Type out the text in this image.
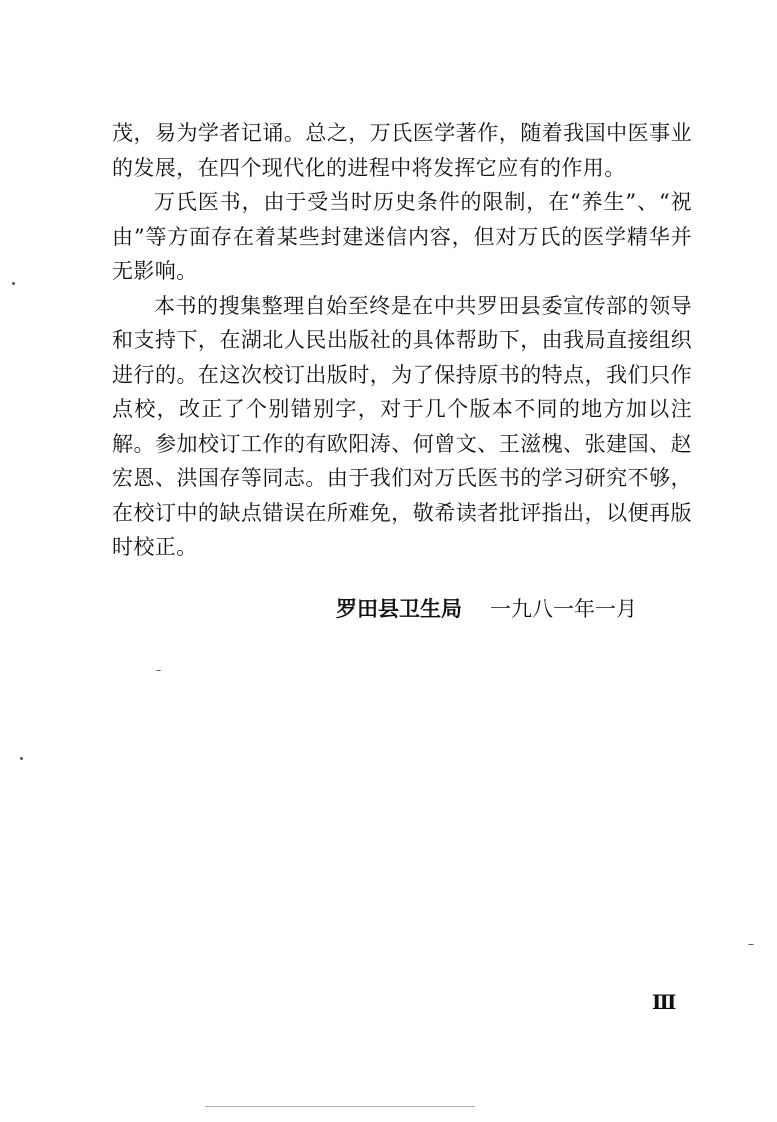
茂，易为学者记诵。总之，万氏医学著作，随着我国中医事业的发展，在四个现代化的进程中将发挥它应有的作用。

万氏医书，由于受当时历史条件的限制，在“养生”、“祝由”等方面存在着某些封建迷信内容，但对万氏的医学精华并无影响。

本书的搜集整理自始至终是在中共罗田县委宣传部的领导和支持下，在湖北人民出版社的具体帮助下，由我局直接组织进行的。在这次校订出版时，为了保持原书的特点，我们只作点校，改正了个别错别字，对于几个版本不同的地方加以注解。参加校订工作的有欧阳涛、何曾文、王滋槐、张建国、赵宏恩、洪国存等同志。由于我们对万氏医书的学习研究不够，在校订中的缺点错误在所难免，敬希读者批评指出，以便再版时校正。

罗田县卫生局 一九八一年一月
Ⅲ
